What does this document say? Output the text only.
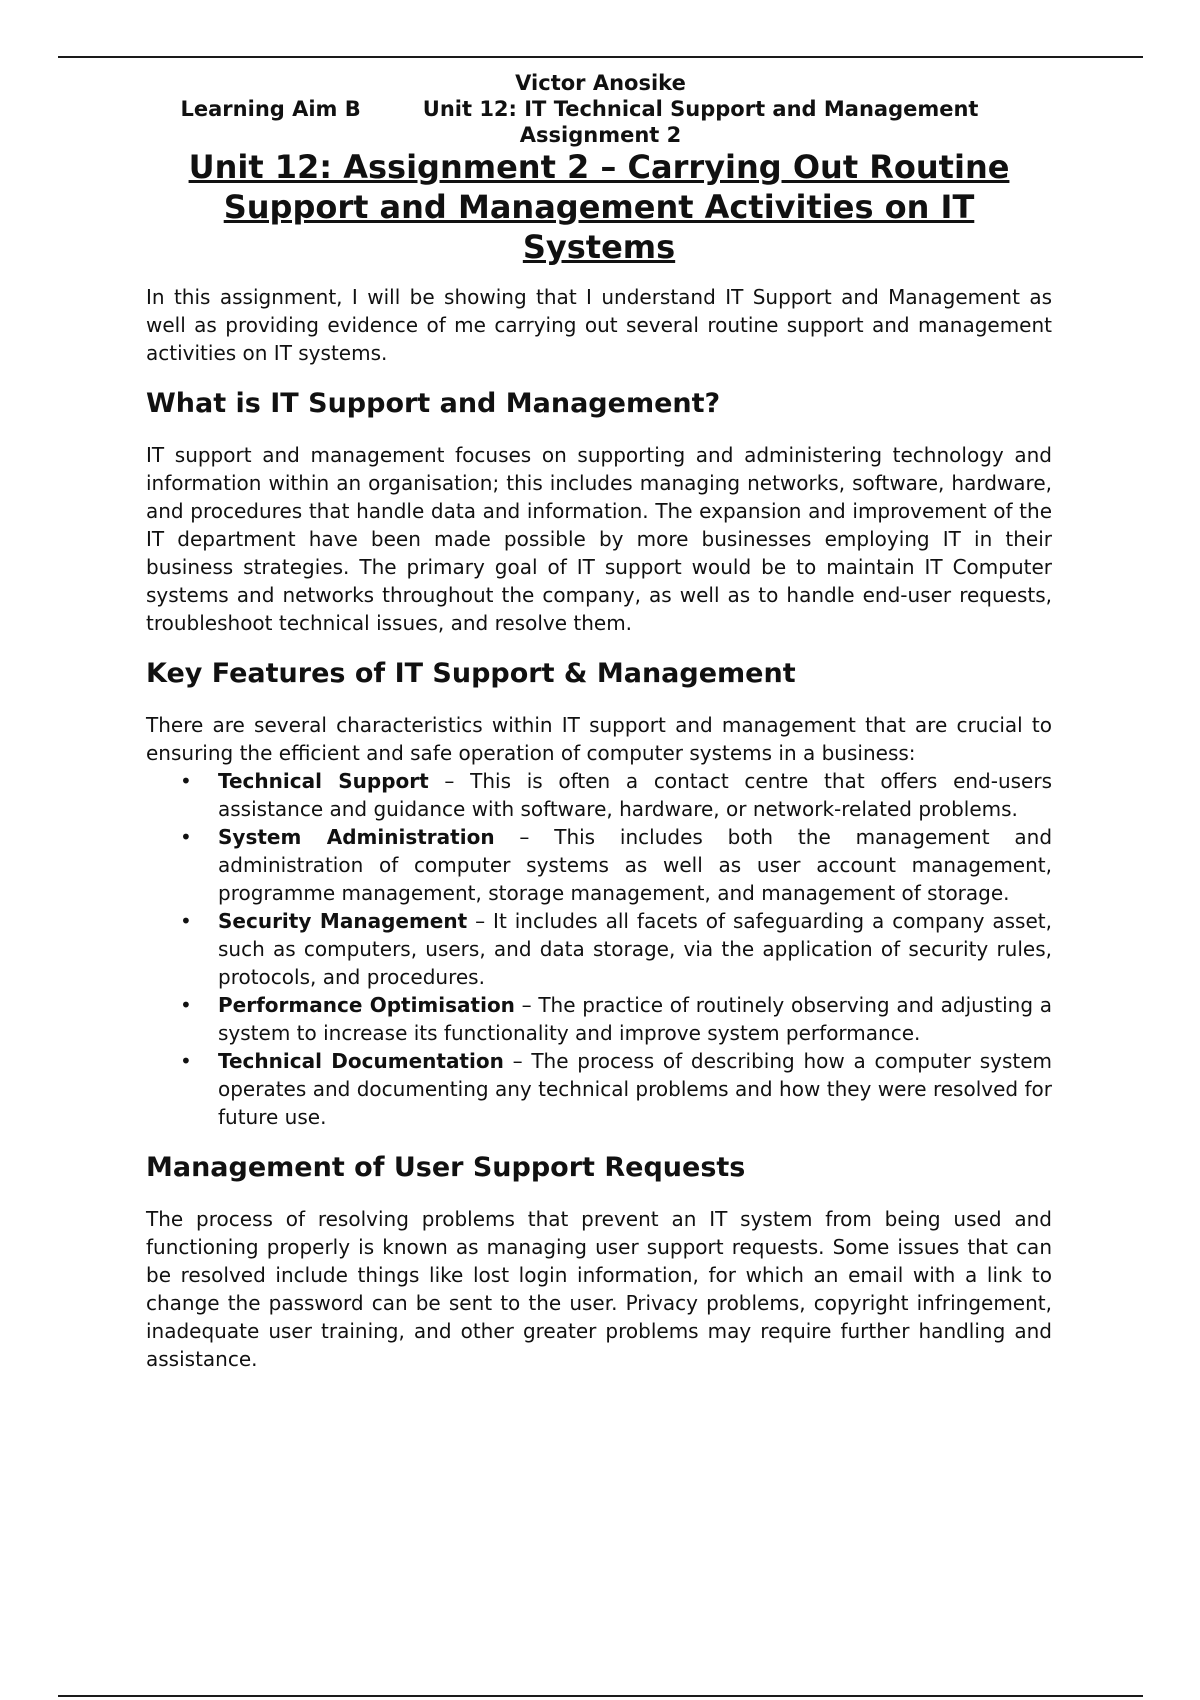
Victor Anosike
Learning Aim B	Unit 12: IT Technical Support and Management
Assignment 2
Unit 12: Assignment 2 – Carrying Out Routine Support and Management Activities on IT Systems

In this assignment, I will be showing that I understand IT Support and Management as well as providing evidence of me carrying out several routine support and management activities on IT systems.

What is IT Support and Management?

IT support and management focuses on supporting and administering technology and information within an organisation; this includes managing networks, software, hardware, and procedures that handle data and information. The expansion and improvement of the IT department have been made possible by more businesses employing IT in their business strategies. The primary goal of IT support would be to maintain IT Computer systems and networks throughout the company, as well as to handle end-user requests, troubleshoot technical issues, and resolve them.

Key Features of IT Support & Management

There are several characteristics within IT support and management that are crucial to ensuring the efficient and safe operation of computer systems in a business:

• Technical Support – This is often a contact centre that offers end-users assistance and guidance with software, hardware, or network-related problems.
• System Administration – This includes both the management and administration of computer systems as well as user account management, programme management, storage management, and management of storage.
• Security Management – It includes all facets of safeguarding a company asset, such as computers, users, and data storage, via the application of security rules, protocols, and procedures.
• Performance Optimisation – The practice of routinely observing and adjusting a system to increase its functionality and improve system performance.
• Technical Documentation – The process of describing how a computer system operates and documenting any technical problems and how they were resolved for future use.
Management of User Support Requests

The process of resolving problems that prevent an IT system from being used and functioning properly is known as managing user support requests. Some issues that can be resolved include things like lost login information, for which an email with a link to change the password can be sent to the user. Privacy problems, copyright infringement, inadequate user training, and other greater problems may require further handling and assistance.
